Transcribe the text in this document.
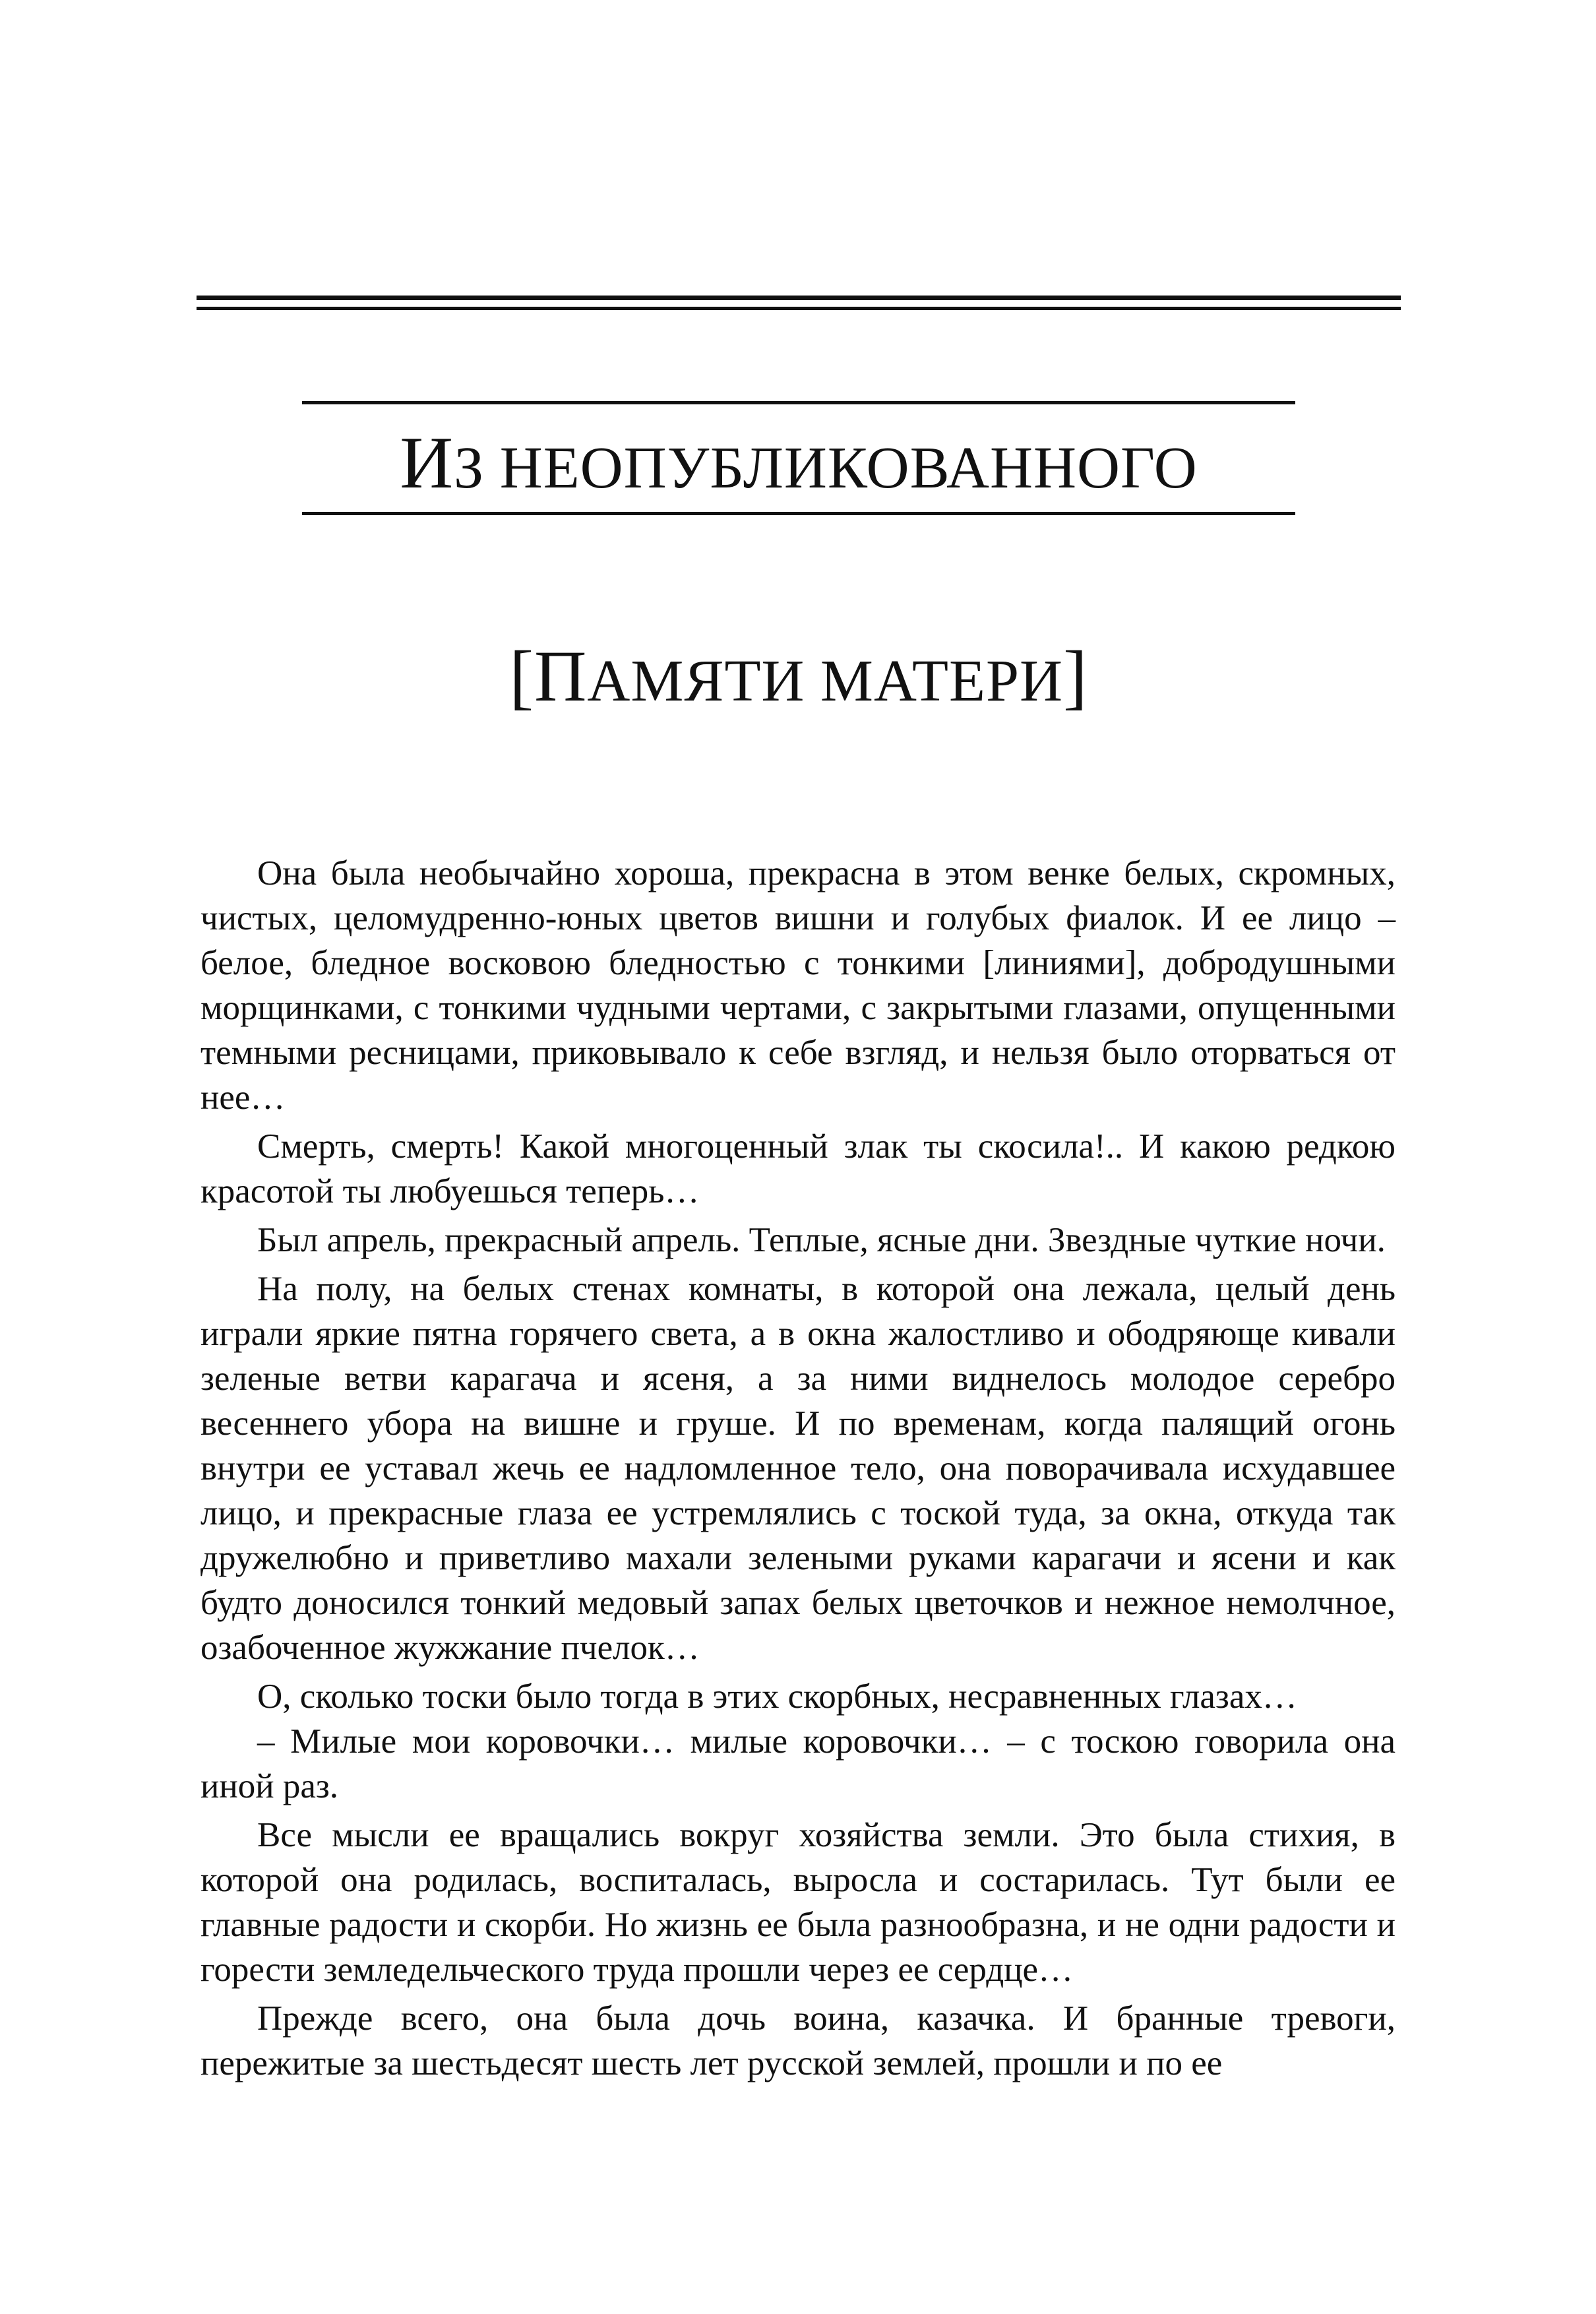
ИЗ НЕОПУБЛИКОВАННОГО
[ПАМЯТИ МАТЕРИ]

Она была необычайно хороша, прекрасна в этом венке белых, скромных, чистых, целомудренно-юных цветов вишни и голубых фиалок. И ее лицо – белое, бледное восковою бледностью с тонкими [линиями], добродушными морщинками, с тонкими чудными чертами, с закрытыми глазами, опущенными темными ресницами, приковывало к себе взгляд, и нельзя было оторваться от нее…

Смерть, смерть! Какой многоценный злак ты скосила!.. И какою редкою красотой ты любуешься теперь…

Был апрель, прекрасный апрель. Теплые, ясные дни. Звездные чуткие ночи.

На полу, на белых стенах комнаты, в которой она лежала, целый день играли яркие пятна горячего света, а в окна жалостливо и ободряюще кивали зеленые ветви карагача и ясеня, а за ними виднелось молодое серебро весеннего убора на вишне и груше. И по временам, когда палящий огонь внутри ее уставал жечь ее надломленное тело, она поворачивала исхудавшее лицо, и прекрасные глаза ее устремлялись с тоской туда, за окна, откуда так дружелюбно и приветливо махали зелеными руками карагачи и ясени и как будто доносился тонкий медовый запах белых цветочков и нежное немолчное, озабоченное жужжание пчелок…

О, сколько тоски было тогда в этих скорбных, несравненных глазах…

– Милые мои коровочки… милые коровочки… – с тоскою говорила она иной раз.

Все мысли ее вращались вокруг хозяйства земли. Это была стихия, в которой она родилась, воспиталась, выросла и состарилась. Тут были ее главные радости и скорби. Но жизнь ее была разнообразна, и не одни радости и горести земледельческого труда прошли через ее сердце…

Прежде всего, она была дочь воина, казачка. И бранные тревоги, пережитые за шестьдесят шесть лет русской землей, прошли и по ее
